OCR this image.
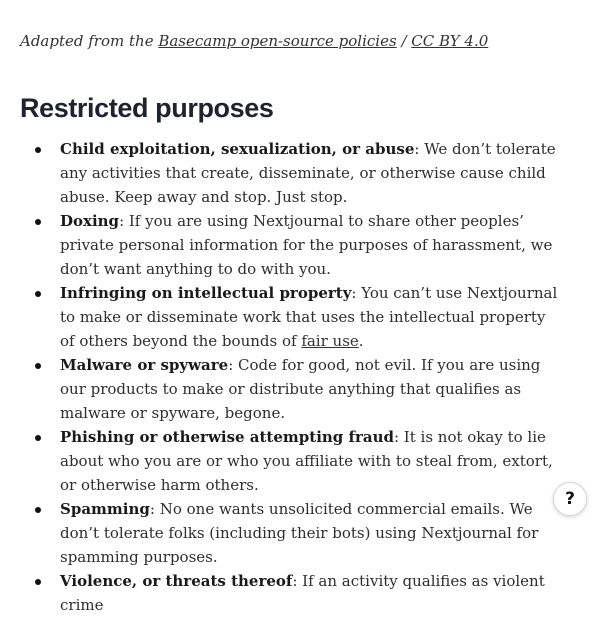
Adapted from the Basecamp open-source policies / CC BY 4.0

Restricted purposes
Child exploitation, sexualization, or abuse: We don’t tolerate any activities that create, disseminate, or otherwise cause child abuse. Keep away and stop. Just stop.
Doxing: If you are using Nextjournal to share other peoples’ private personal information for the purposes of harassment, we don’t want anything to do with you.
Infringing on intellectual property: You can’t use Nextjournal to make or disseminate work that uses the intellectual property of others beyond the bounds of fair use.
Malware or spyware: Code for good, not evil. If you are using our products to make or distribute anything that qualifies as malware or spyware, begone.
Phishing or otherwise attempting fraud: It is not okay to lie about who you are or who you affiliate with to steal from, extort, or otherwise harm others.
Spamming: No one wants unsolicited commercial emails. We don’t tolerate folks (including their bots) using Nextjournal for spamming purposes.
Violence, or threats thereof: If an activity qualifies as violent crime
?
